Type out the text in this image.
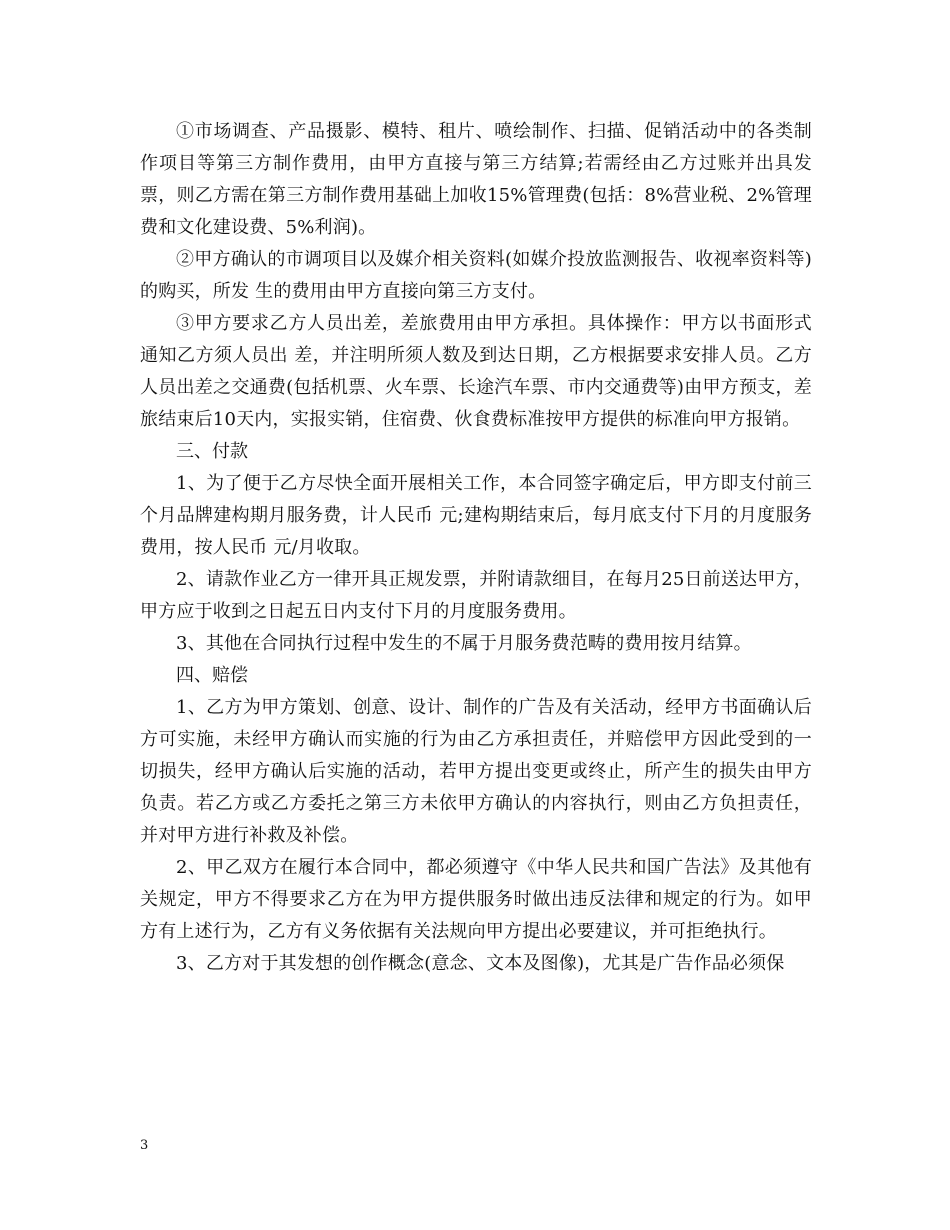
①市场调查、产品摄影、模特、租片、喷绘制作、扫描、促销活动中的各类制作项目等第三方制作费用，由甲方直接与第三方结算;若需经由乙方过账并出具发票，则乙方需在第三方制作费用基础上加收15%管理费(包括：8%营业税、2%管理费和文化建设费、5%利润)。

②甲方确认的市调项目以及媒介相关资料(如媒介投放监测报告、收视率资料等)的购买，所发 生的费用由甲方直接向第三方支付。

③甲方要求乙方人员出差，差旅费用由甲方承担。具体操作：甲方以书面形式通知乙方须人员出 差，并注明所须人数及到达日期，乙方根据要求安排人员。乙方人员出差之交通费(包括机票、火车票、长途汽车票、市内交通费等)由甲方预支，差旅结束后10天内，实报实销，住宿费、伙食费标准按甲方提供的标准向甲方报销。

三、付款

1、为了便于乙方尽快全面开展相关工作，本合同签字确定后，甲方即支付前三个月品牌建构期月服务费，计人民币 元;建构期结束后，每月底支付下月的月度服务费用，按人民币 元/月收取。

2、请款作业乙方一律开具正规发票，并附请款细目，在每月25日前送达甲方，甲方应于收到之日起五日内支付下月的月度服务费用。

3、其他在合同执行过程中发生的不属于月服务费范畴的费用按月结算。

四、赔偿

1、乙方为甲方策划、创意、设计、制作的广告及有关活动，经甲方书面确认后方可实施，未经甲方确认而实施的行为由乙方承担责任，并赔偿甲方因此受到的一切损失，经甲方确认后实施的活动，若甲方提出变更或终止，所产生的损失由甲方负责。若乙方或乙方委托之第三方未依甲方确认的内容执行，则由乙方负担责任，并对甲方进行补救及补偿。

2、甲乙双方在履行本合同中，都必须遵守《中华人民共和国广告法》及其他有关规定，甲方不得要求乙方在为甲方提供服务时做出违反法律和规定的行为。如甲方有上述行为，乙方有义务依据有关法规向甲方提出必要建议，并可拒绝执行。

3、乙方对于其发想的创作概念(意念、文本及图像)，尤其是广告作品必须保

3
